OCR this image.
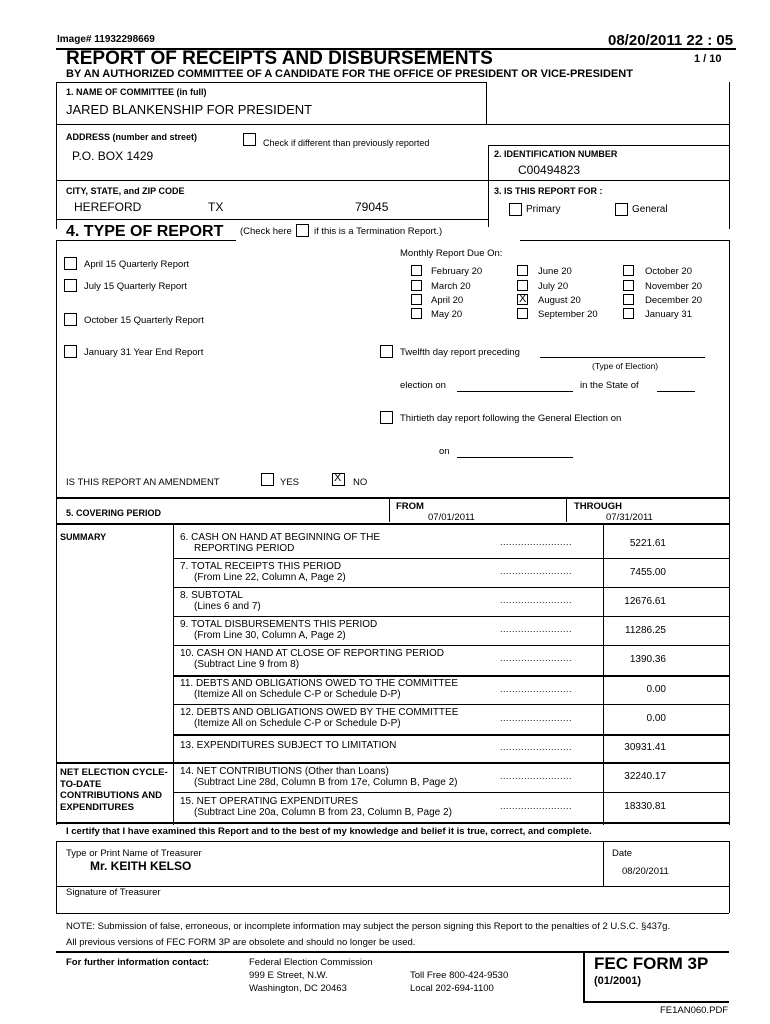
Image# 11932298669	08/20/2011 22 : 05
REPORT OF RECEIPTS AND DISBURSEMENTS	1 / 10
BY AN AUTHORIZED COMMITTEE OF A CANDIDATE FOR THE OFFICE OF PRESIDENT OR VICE-PRESIDENT
1. NAME OF COMMITTEE (in full)
JARED BLANKENSHIP FOR PRESIDENT
ADDRESS (number and street)
Check if different than previously reported
P.O. BOX 1429	2. IDENTIFICATION NUMBER
C00494823
CITY, STATE, and ZIP CODE
HEREFORD	TX	79045
3. IS THIS REPORT FOR :
Primary	General
4. TYPE OF REPORT (Check here if this is a Termination Report.)
Monthly Report Due On:
April 15 Quarterly Report
July 15 Quarterly Report
October 15 Quarterly Report
January 31 Year End Report
February 20
March 20
April 20
May 20
June 20
July 20
X
August 20
September 20
October 20
November 20
December 20
January 31
Twelfth day report preceding
(Type of Election)
election on	in the State of
Thirtieth day report following the General Election on
on
IS THIS REPORT AN AMENDMENT	YES X	NO
5. COVERING PERIOD
FROM
07/01/2011
THROUGH
07/31/2011
SUMMARY	6. CASH ON HAND AT BEGINNING OF THE
REPORTING PERIOD
........................	5221.61
7. TOTAL RECEIPTS THIS PERIOD
(From Line 22, Column A, Page 2)
........................	7455.00
8. SUBTOTAL
(Lines 6 and 7)
........................	12676.61
9. TOTAL DISBURSEMENTS THIS PERIOD
(From Line 30, Column A, Page 2)
........................	11286.25
10. CASH ON HAND AT CLOSE OF REPORTING PERIOD
(Subtract Line 9 from 8)
........................	1390.36
11. DEBTS AND OBLIGATIONS OWED TO THE COMMITTEE
(Itemize All on Schedule C-P or Schedule D-P)	........................	0.00
12. DEBTS AND OBLIGATIONS OWED BY THE COMMITTEE
(Itemize All on Schedule C-P or Schedule D-P)	........................	0.00
13. EXPENDITURES SUBJECT TO LIMITATION	........................	30931.41
NET ELECTION CYCLE-
TO-DATE
CONTRIBUTIONS AND
EXPENDITURES
14. NET CONTRIBUTIONS (Other than Loans)
(Subtract Line 28d, Column B from 17e, Column B, Page 2)
........................	32240.17
15. NET OPERATING EXPENDITURES
(Subtract Line 20a, Column B from 23, Column B, Page 2)
........................	18330.81
I certify that I have examined this Report and to the best of my knowledge and belief it is true, correct, and complete.
Type or Print Name of Treasurer
Mr. KEITH KELSO
Date
08/20/2011
Signature of Treasurer
NOTE: Submission of false, erroneous, or incomplete information may subject the person signing this Report to the penalties of 2 U.S.C. §437g.
All previous versions of FEC FORM 3P are obsolete and should no longer be used.
For further information contact:	Federal Election Commission
999 E Street, N.W.
Washington, DC 20463
Toll Free 800-424-9530
Local 202-694-1100
FEC FORM 3P
(01/2001)
FE1AN060.PDF
